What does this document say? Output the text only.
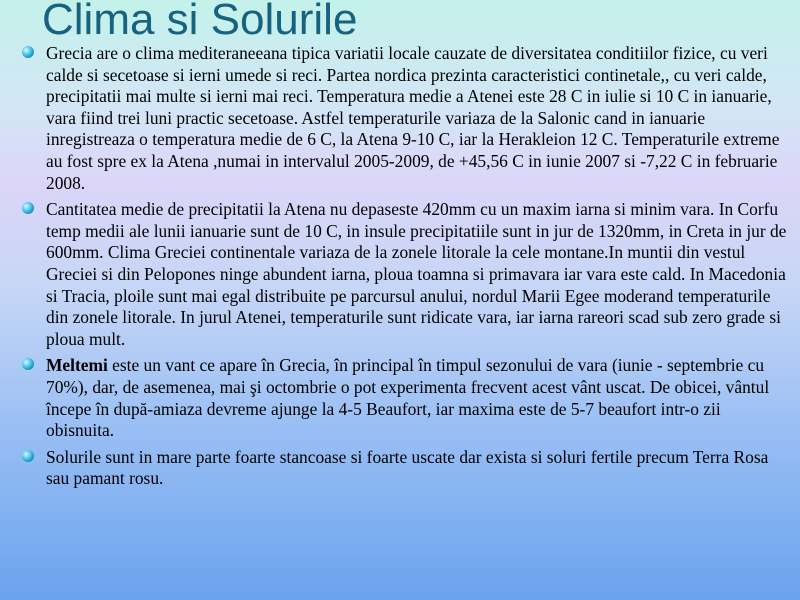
Clima si Solurile
Grecia are o clima mediteraneeana tipica variatii locale cauzate de diversitatea conditiilor fizice, cu veri calde si secetoase si ierni umede si reci. Partea nordica prezinta caracteristici continetale,, cu veri calde, precipitatii mai multe si ierni mai reci. Temperatura medie a Atenei este 28 C in iulie si 10 C in ianuarie, vara fiind trei luni practic secetoase. Astfel temperaturile variaza de la Salonic cand in ianuarie inregistreaza o temperatura medie de 6 C, la Atena 9-10 C, iar la Herakleion 12 C. Temperaturile extreme au fost spre ex la Atena ,numai in intervalul 2005-2009, de +45,56 C in iunie 2007 si -7,22 C in februarie 2008.
Cantitatea medie de precipitatii la Atena nu depaseste 420mm cu un maxim iarna si minim vara. In Corfu temp medii ale lunii ianuarie sunt de 10 C, in insule precipitatiile sunt in jur de 1320mm, in Creta in jur de 600mm. Clima Greciei continentale variaza de la zonele litorale la cele montane.In muntii din vestul Greciei si din Pelopones ninge abundent iarna, ploua toamna si primavara iar vara este cald. In Macedonia si Tracia, ploile sunt mai egal distribuite pe parcursul anului, nordul Marii Egee moderand temperaturile din zonele litorale. In jurul Atenei, temperaturile sunt ridicate vara, iar iarna rareori scad sub zero grade si ploua mult.
Meltemi este un vant ce apare în Grecia, în principal în timpul sezonului de vara (iunie - septembrie cu 70%), dar, de asemenea, mai şi octombrie o pot experimenta frecvent acest vânt uscat. De obicei, vântul începe în după-amiaza devreme ajunge la 4-5 Beaufort, iar maxima este de 5-7 beaufort intr-o zii obisnuita.
Solurile sunt in mare parte foarte stancoase si foarte uscate dar exista si soluri fertile precum Terra Rosa sau pamant rosu.
